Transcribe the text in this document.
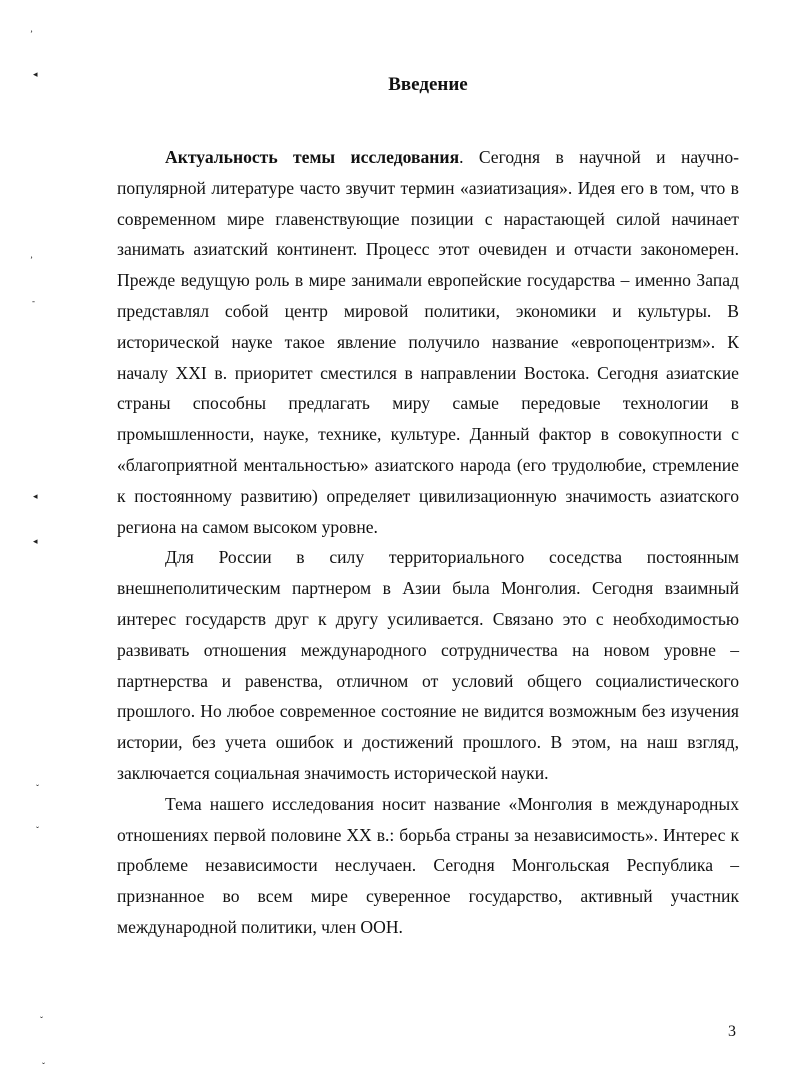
ʼ
◂
ʼ
-
◂
◂
ˇ
ˇ
ˇ
ˇ
Введение

Актуальность темы исследования. Сегодня в научной и научно-популярной литературе часто звучит термин «азиатизация». Идея его в том, что в современном мире главенствующие позиции с нарастающей силой начинает занимать азиатский континент. Процесс этот очевиден и отчасти закономерен. Прежде ведущую роль в мире занимали европейские государства – именно Запад представлял собой центр мировой политики, экономики и культуры. В исторической науке такое явление получило название «европоцентризм». К началу XXI в. приоритет сместился в направлении Востока. Сегодня азиатские страны способны предлагать миру самые передовые технологии в промышленности, науке, технике, культуре. Данный фактор в совокупности с «благоприятной ментальностью» азиатского народа (его трудолюбие, стремление к постоянному развитию) определяет цивилизационную значимость азиатского региона на самом высоком уровне.

Для России в силу территориального соседства постоянным внешнеполитическим партнером в Азии была Монголия. Сегодня взаимный интерес государств друг к другу усиливается. Связано это с необходимостью развивать отношения международного сотрудничества на новом уровне – партнерства и равенства, отличном от условий общего социалистического прошлого. Но любое современное состояние не видится возможным без изучения истории, без учета ошибок и достижений прошлого. В этом, на наш взгляд, заключается социальная значимость исторической науки.

Тема нашего исследования носит название «Монголия в международных отношениях первой половине XX в.: борьба страны за независимость». Интерес к проблеме независимости неслучаен. Сегодня Монгольская Республика – признанное во всем мире суверенное государство, активный участник международной политики, член ООН.

3
